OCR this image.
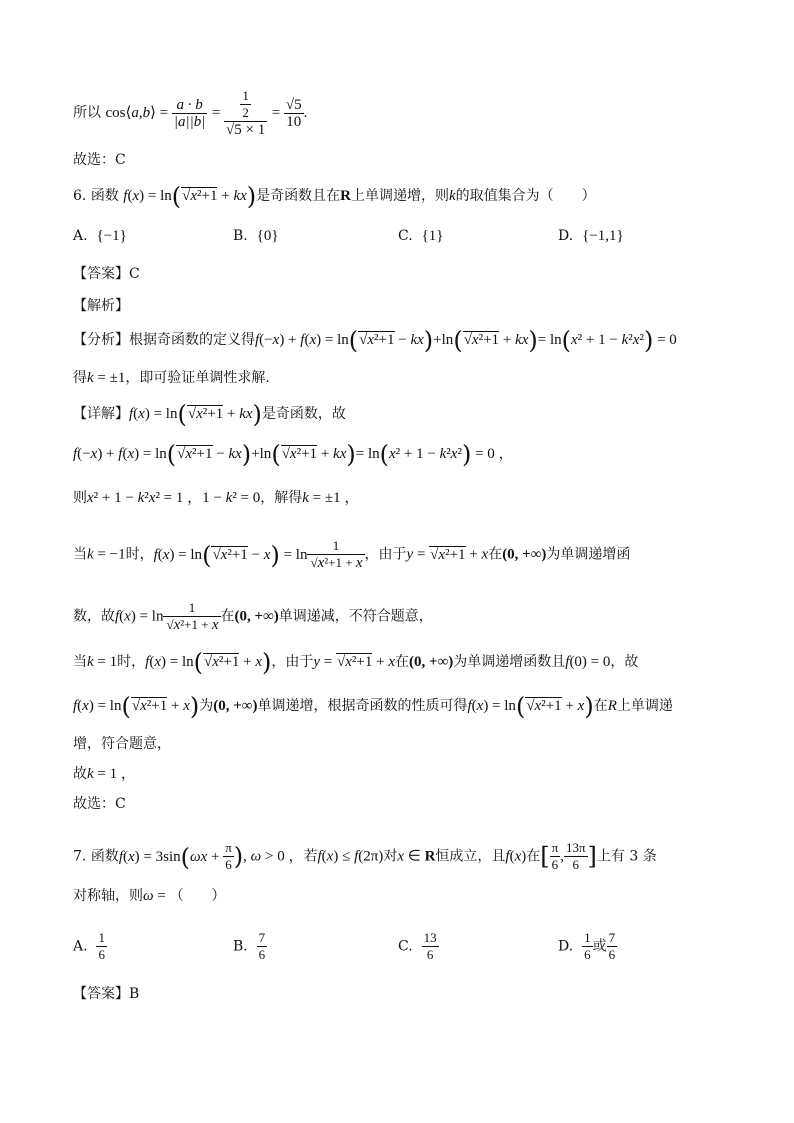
所以 cos⟨a,b⟩ = $\frac{a \cdot b}{|a||b|} = \frac{\frac{1}{2}}{√5 \times 1} = \frac{√5}{10}$ .
故选：C
6. 函数 f(x) = ln(√x²+1 + kx)是奇函数且在R上单调递增，则k的取值集合为（　　）
A. {−1}	B. {0}	C. {1}	D. {−1,1}
【答案】C
【解析】
【分析】根据奇函数的定义得f(−x) + f(x) = ln(√x²+1 − kx)+ln(√x²+1 + kx)= ln(x² + 1 − k²x²) = 0
得k = ±1，即可验证单调性求解.
【详解】f(x) = ln(√x²+1 + kx)是奇函数，故
f(−x) + f(x) = ln(√x²+1 − kx)+ln(√x²+1 + kx)= ln(x² + 1 − k²x²) = 0 ，
则x² + 1 − k²x² = 1 ，1 − k² = 0，解得k = ±1 ，
当k = −1时，$f(x) = \ln(√x^2+1 - x) = \ln \frac{1}{\text{√x²+1 + x}}$ ，由于y = √x²+1 + x在(0, +∞)为单调递增函
数，故$f(x) = \ln \frac{1}{\text{√x²+1 + x}}$ 在(0, +∞)单调递减，不符合题意，
当k = 1时，f(x) = ln(√x²+1 + x)，由于y = √x²+1 + x在(0, +∞)为单调递增函数且f(0) = 0，故
f(x) = ln(√x²+1 + x)为(0, +∞)单调递增，根据奇函数的性质可得f(x) = ln(√x²+1 + x)在R上单调递
增，符合题意，
故k = 1 ，
故选：C
7. 函数$f(x) = 3\sin(\omega x + \frac{\pi}{6}$ ), ω > 0 ，若f(x) ≤ f(2π)对x ∈ R恒成立，且f(x)在[ $\frac{\pi}{6}$ , $\frac{13\pi}{6}$ ]上有 3 条
对称轴，则ω = （　　）
A. $\frac{1}{6}$	B. $\frac{7}{6}$	C. $\frac{13}{6}$	D. $\frac{1}{6}$ 或 $\frac{7}{6}$
【答案】B
